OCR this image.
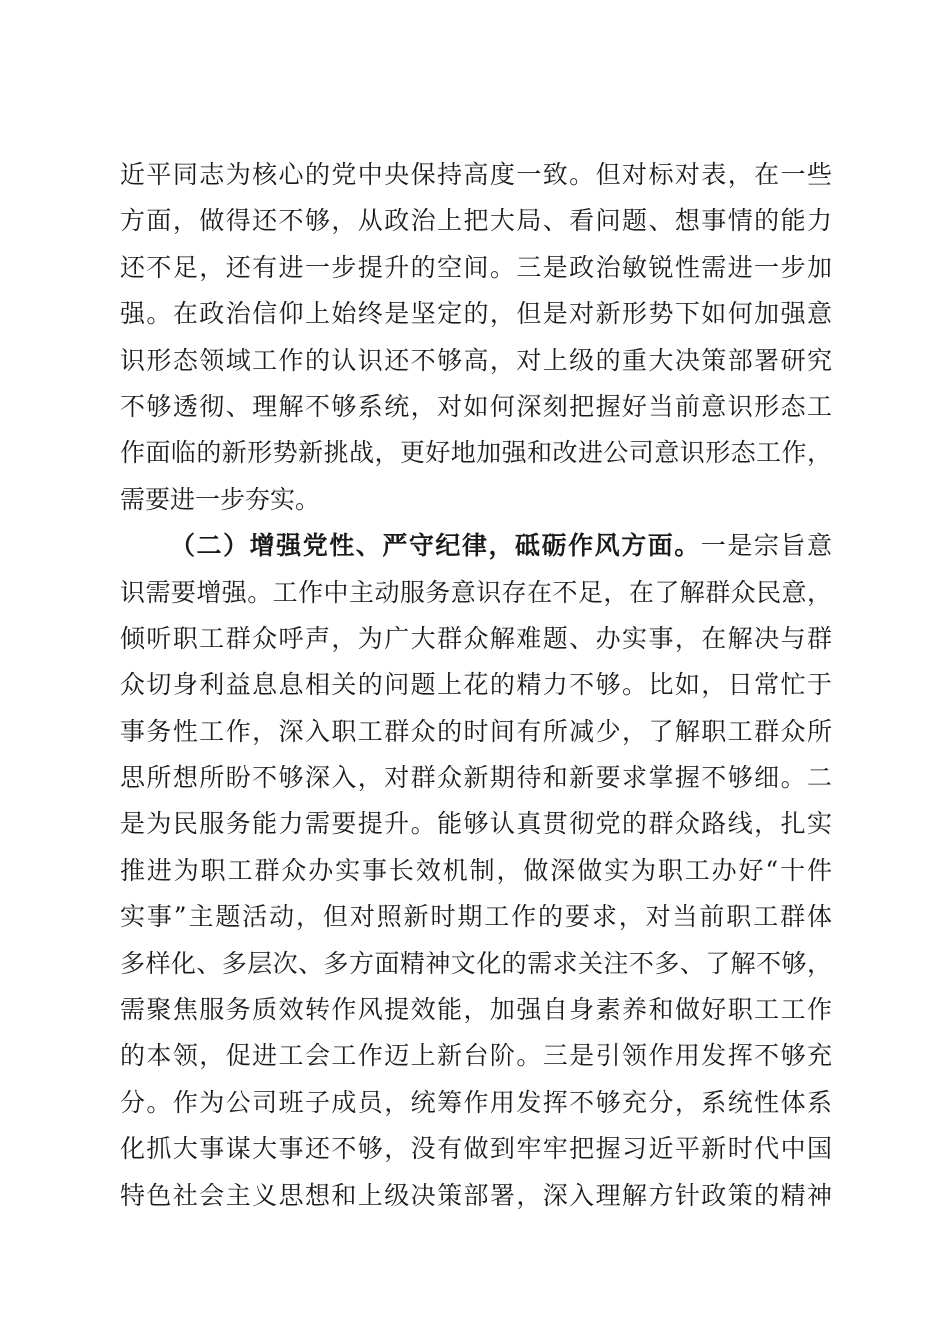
近平同志为核心的党中央保持高度一致。但对标对表，在一些
方面，做得还不够，从政治上把大局、看问题、想事情的能力
还不足，还有进一步提升的空间。三是政治敏锐性需进一步加
强。在政治信仰上始终是坚定的，但是对新形势下如何加强意
识形态领域工作的认识还不够高，对上级的重大决策部署研究
不够透彻、理解不够系统，对如何深刻把握好当前意识形态工
作面临的新形势新挑战，更好地加强和改进公司意识形态工作，
需要进一步夯实。
（二）增强党性、严守纪律，砥砺作风方面。一是宗旨意
识需要增强。工作中主动服务意识存在不足，在了解群众民意，
倾听职工群众呼声，为广大群众解难题、办实事，在解决与群
众切身利益息息相关的问题上花的精力不够。比如，日常忙于
事务性工作，深入职工群众的时间有所减少，了解职工群众所
思所想所盼不够深入，对群众新期待和新要求掌握不够细。二
是为民服务能力需要提升。能够认真贯彻党的群众路线，扎实
推进为职工群众办实事长效机制，做深做实为职工办好“十件
实事”主题活动，但对照新时期工作的要求，对当前职工群体
多样化、多层次、多方面精神文化的需求关注不多、了解不够，
需聚焦服务质效转作风提效能，加强自身素养和做好职工工作
的本领，促进工会工作迈上新台阶。三是引领作用发挥不够充
分。作为公司班子成员，统筹作用发挥不够充分，系统性体系
化抓大事谋大事还不够，没有做到牢牢把握习近平新时代中国
特色社会主义思想和上级决策部署，深入理解方针政策的精神
